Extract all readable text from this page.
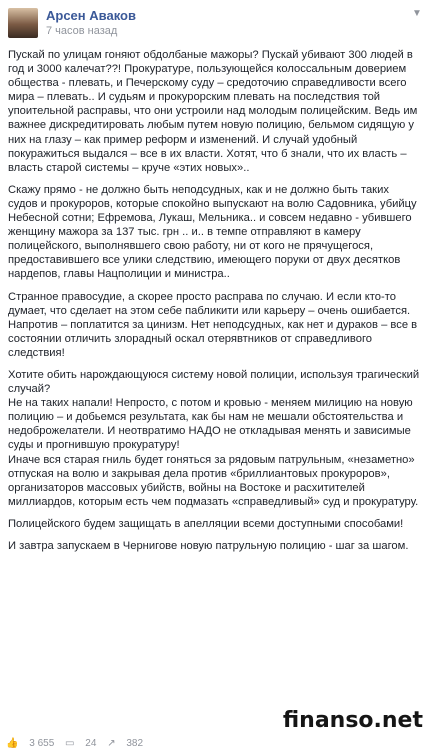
Арсен Аваков
7 часов назад
▼

Пускай по улицам гоняют обдолбаные мажоры? Пускай убивают 300 людей в год и 3000 калечат??! Прокуратуре, пользующейся колоссальным доверием общества - плевать, и Печерскому суду – средоточию справедливости всего мира – плевать.. И судьям и прокурорским плевать на последствия той упоительной расправы, что они устроили над молодым полицейским. Ведь им важнее дискредитировать любым путем новую полицию, бельмом сидящую у них на глазу – как пример реформ и изменений. И случай удобный покуражиться выдался – все в их власти. Хотят, что б знали, что их власть – власть старой системы – круче «этих новых»..

Скажу прямо - не должно быть неподсудных, как и не должно быть таких судов и прокуроров, которые спокойно выпускают на волю Садовника, убийцу Небесной сотни; Ефремова, Лукаш, Мельника.. и совсем недавно - убившего женщину мажора за 137 тыс. грн .. и.. в темпе отправляют в камеру полицейского, выполнявшего свою работу, ни от кого не прячущегося, предоставившего все улики следствию, имеющего поруки от двух десятков нардепов, главы Нацполиции и министра..

Странное правосудие, а скорее просто расправа по случаю. И если кто-то думает, что сделает на этом себе пабликити или карьеру – очень ошибается. Напротив – поплатится за цинизм. Нет неподсудных, как нет и дураков – все в состоянии отличить злорадный оскал отерявтников от справедливого следствия!

Хотите обить нарождающуюся систему новой полиции, используя трагический случай?
Не на таких напали! Непросто, с потом и кровью - меняем милицию на новую полицию – и добьемся результата, как бы нам не мешали обстоятельства и недоброжелатели. И неотвратимо НАДО не откладывая менять и зависимые суды и прогнившую прокуратуру!
Иначе вся старая гниль будет гоняться за рядовым патрульным, «незаметно» отпуская на волю и закрывая дела против «бриллиантовых прокуроров», организаторов массовых убийств, войны на Востоке и расхитителей миллиардов, которым есть чем подмазать «справедливый» суд и прокуратуру.

Полицейского будем защищать в апелляции всеми доступными способами!

И завтра запускаем в Чернигове новую патрульную полицию - шаг за шагом.

finanso.net
👍 3 655 ▭ 24 ↗ 382
